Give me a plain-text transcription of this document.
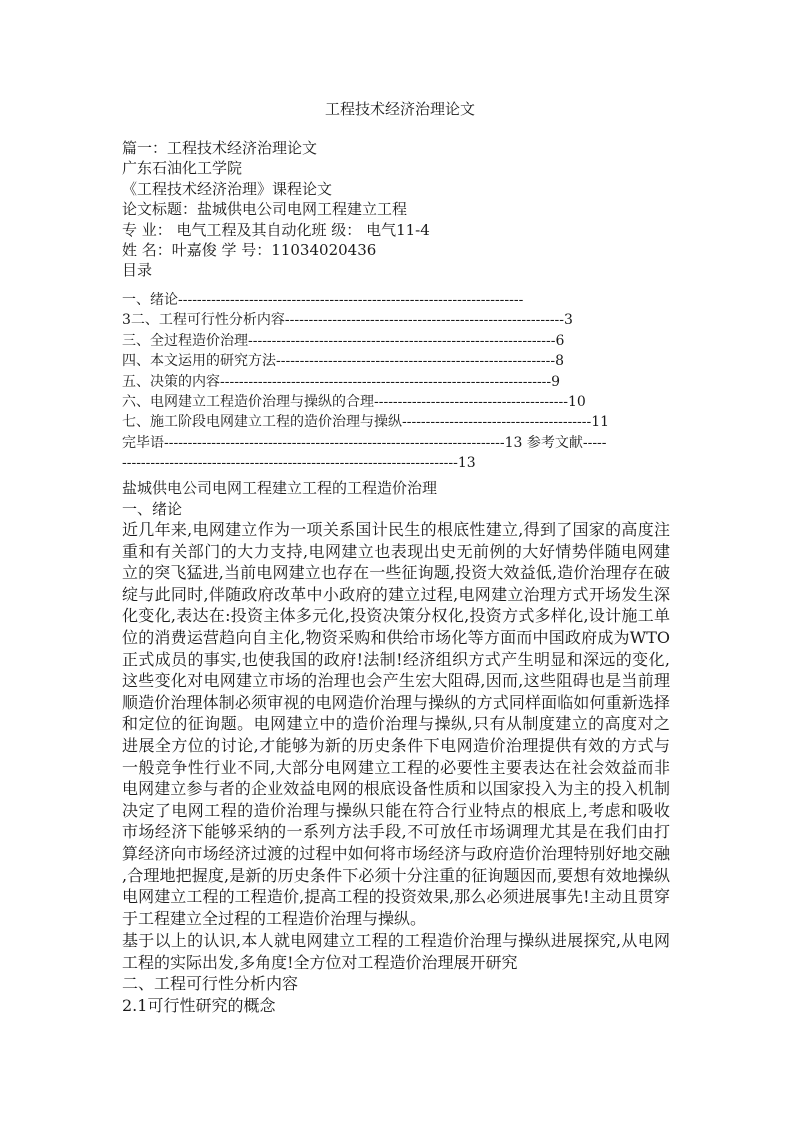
工程技术经济治理论文
篇一：工程技术经济治理论文
广东石油化工学院
《工程技术经济治理》课程论文
论文标题：盐城供电公司电网工程建立工程
专 业： 电气工程及其自动化班 级： 电气11-4
姓 名：叶嘉俊 学 号：11034020436
目录
一、绪论-------------------------------------------------------------------------
3二、工程可行性分析内容-----------------------------------------------------------3
三、全过程造价治理-----------------------------------------------------------------6
四、本文运用的研究方法-----------------------------------------------------------8
五、决策的内容----------------------------------------------------------------------9
六、电网建立工程造价治理与操纵的合理-----------------------------------------10
七、施工阶段电网建立工程的造价治理与操纵----------------------------------------11
完毕语------------------------------------------------------------------------13 参考文献-----
-----------------------------------------------------------------------13
盐城供电公司电网工程建立工程的工程造价治理
一、绪论
近几年来,电网建立作为一项关系国计民生的根底性建立,得到了国家的高度注
重和有关部门的大力支持,电网建立也表现出史无前例的大好情势伴随电网建
立的突飞猛进,当前电网建立也存在一些征询题,投资大效益低,造价治理存在破
绽与此同时,伴随政府改革中小政府的建立过程,电网建立治理方式开场发生深
化变化,表达在:投资主体多元化,投资决策分权化,投资方式多样化,设计施工单
位的消费运营趋向自主化,物资采购和供给市场化等方面而中国政府成为WTO
正式成员的事实,也使我国的政府!法制!经济组织方式产生明显和深远的变化,
这些变化对电网建立市场的治理也会产生宏大阻碍,因而,这些阻碍也是当前理
顺造价治理体制必须审视的电网造价治理与操纵的方式同样面临如何重新选择
和定位的征询题。电网建立中的造价治理与操纵,只有从制度建立的高度对之
进展全方位的讨论,才能够为新的历史条件下电网造价治理提供有效的方式与
一般竞争性行业不同,大部分电网建立工程的必要性主要表达在社会效益而非
电网建立参与者的企业效益电网的根底设备性质和以国家投入为主的投入机制
决定了电网工程的造价治理与操纵只能在符合行业特点的根底上,考虑和吸收
市场经济下能够采纳的一系列方法手段,不可放任市场调理尤其是在我们由打
算经济向市场经济过渡的过程中如何将市场经济与政府造价治理特别好地交融
,合理地把握度,是新的历史条件下必须十分注重的征询题因而,要想有效地操纵
电网建立工程的工程造价,提高工程的投资效果,那么必须进展事先!主动且贯穿
于工程建立全过程的工程造价治理与操纵。
基于以上的认识,本人就电网建立工程的工程造价治理与操纵进展探究,从电网
工程的实际出发,多角度!全方位对工程造价治理展开研究
二、工程可行性分析内容
2.1可行性研究的概念
